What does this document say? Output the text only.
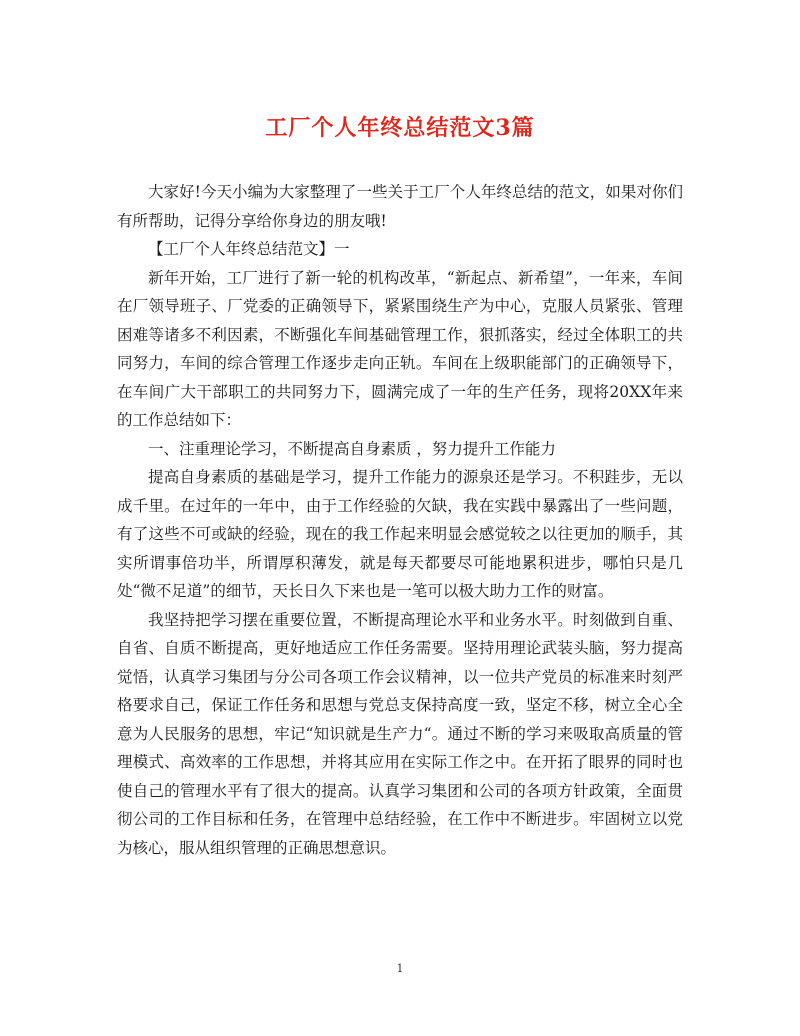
工厂个人年终总结范文3篇

大家好!今天小编为大家整理了一些关于工厂个人年终总结的范文，如果对你们有所帮助，记得分享给你身边的朋友哦!

【工厂个人年终总结范文】一

新年开始，工厂进行了新一轮的机构改革，“新起点、新希望”，一年来，车间在厂领导班子、厂党委的正确领导下，紧紧围绕生产为中心，克服人员紧张、管理困难等诸多不利因素，不断强化车间基础管理工作，狠抓落实，经过全体职工的共同努力，车间的综合管理工作逐步走向正轨。车间在上级职能部门的正确领导下，在车间广大干部职工的共同努力下，圆满完成了一年的生产任务，现将20XX年来的工作总结如下：

一、注重理论学习，不断提高自身素质 ，努力提升工作能力

提高自身素质的基础是学习，提升工作能力的源泉还是学习。不积跬步，无以成千里。在过年的一年中，由于工作经验的欠缺，我在实践中暴露出了一些问题，有了这些不可或缺的经验，现在的我工作起来明显会感觉较之以往更加的顺手，其实所谓事倍功半，所谓厚积薄发，就是每天都要尽可能地累积进步，哪怕只是几处“微不足道”的细节，天长日久下来也是一笔可以极大助力工作的财富。

我坚持把学习摆在重要位置，不断提高理论水平和业务水平。时刻做到自重、自省、自质不断提高，更好地适应工作任务需要。坚持用理论武装头脑，努力提高觉悟，认真学习集团与分公司各项工作会议精神，以一位共产党员的标准来时刻严格要求自己，保证工作任务和思想与党总支保持高度一致，坚定不移，树立全心全意为人民服务的思想，牢记“知识就是生产力“。通过不断的学习来吸取高质量的管理模式、高效率的工作思想，并将其应用在实际工作之中。在开拓了眼界的同时也使自己的管理水平有了很大的提高。认真学习集团和公司的各项方针政策，全面贯彻公司的工作目标和任务，在管理中总结经验，在工作中不断进步。牢固树立以党为核心，服从组织管理的正确思想意识。

1
